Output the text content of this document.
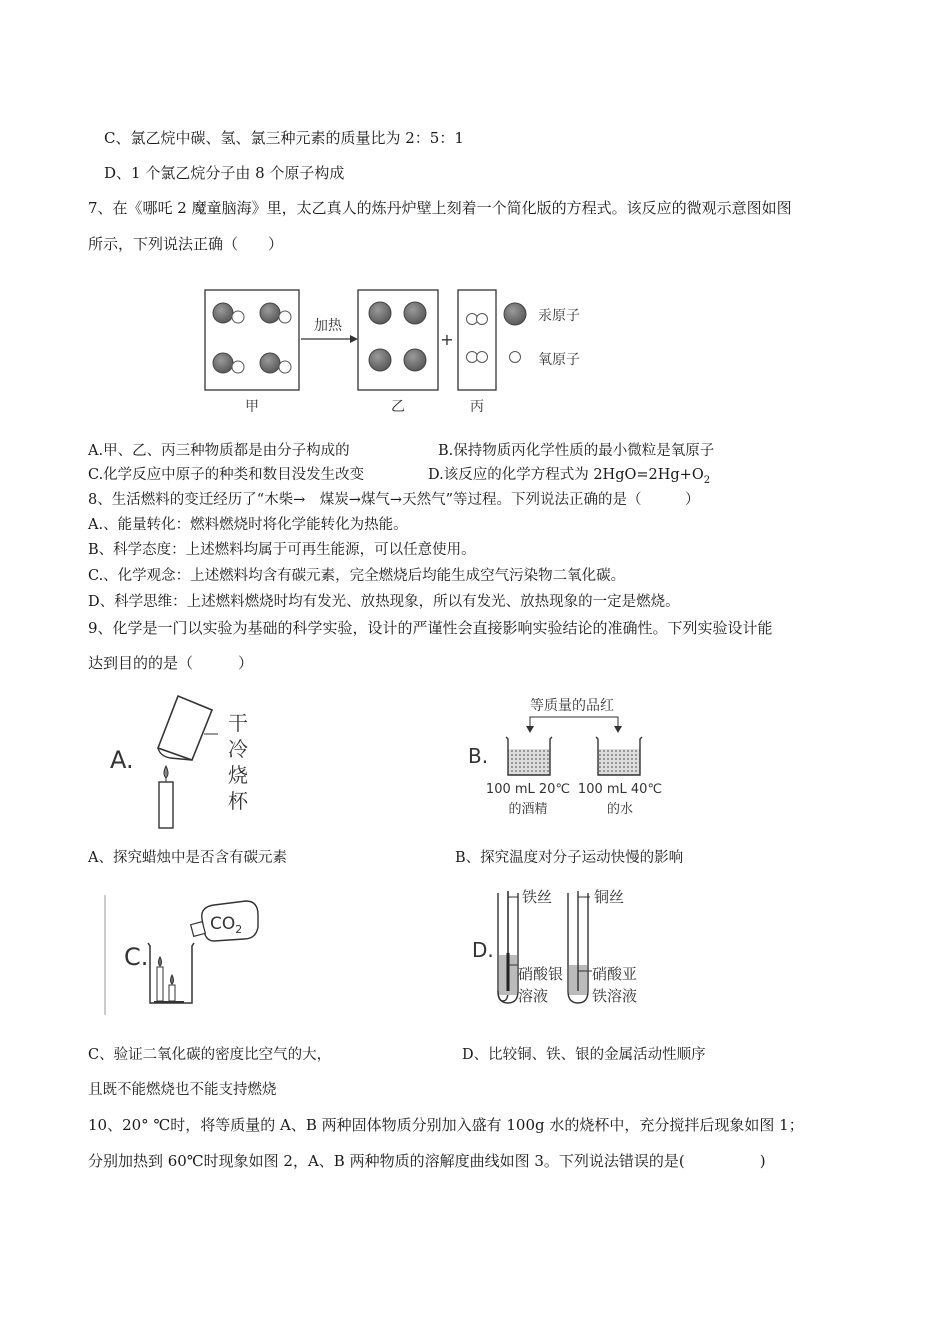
C、氯乙烷中碳、氢、氯三种元素的质量比为 2：5：1
D、1 个氯乙烷分子由 8 个原子构成
7、在《哪吒 2 魔童脑海》里，太乙真人的炼丹炉壁上刻着一个简化版的方程式。该反应的微观示意图如图
所示，下列说法正确（　　）
加热
+
汞原子
氧原子
甲	乙	丙
A.甲、乙、丙三种物质都是由分子构成的	B.保持物质丙化学性质的最小微粒是氧原子
C.化学反应中原子的种类和数目没发生改变	D.该反应的化学方程式为 $2HgO=2Hg+O_2$
8、生活燃料的变迁经历了“木柴→　煤炭→煤气→天然气”等过程。下列说法正确的是（　　　）
A.、能量转化：燃料燃烧时将化学能转化为热能。
B、科学态度：上述燃料均属于可再生能源，可以任意使用。
C.、化学观念：上述燃料均含有碳元素，完全燃烧后均能生成空气污染物二氧化碳。
D、科学思维：上述燃料燃烧时均有发光、放热现象，所以有发光、放热现象的一定是燃烧。
9、化学是一门以实验为基础的科学实验，设计的严谨性会直接影响实验结论的准确性。下列实验设计能
达到目的的是（　　　）
A.
干
冷
烧
杯
B.
等质量的品红
100 mL 20℃
的酒精
100 mL 40℃
的水
A、探究蜡烛中是否含有碳元素	B、探究温度对分子运动快慢的影响
C.
$CO_2$
D.
铁丝
硝酸银
溶液
铜丝
硝酸亚
铁溶液
C、验证二氧化碳的密度比空气的大，	D、比较铜、铁、银的金属活动性顺序
且既不能燃烧也不能支持燃烧
10、20° ℃时，将等质量的 A、B 两种固体物质分别加入盛有 100g 水的烧杯中，充分搅拌后现象如图 1；
分别加热到 60℃时现象如图 2，A、B 两种物质的溶解度曲线如图 3。下列说法错误的是(　　　　　)
